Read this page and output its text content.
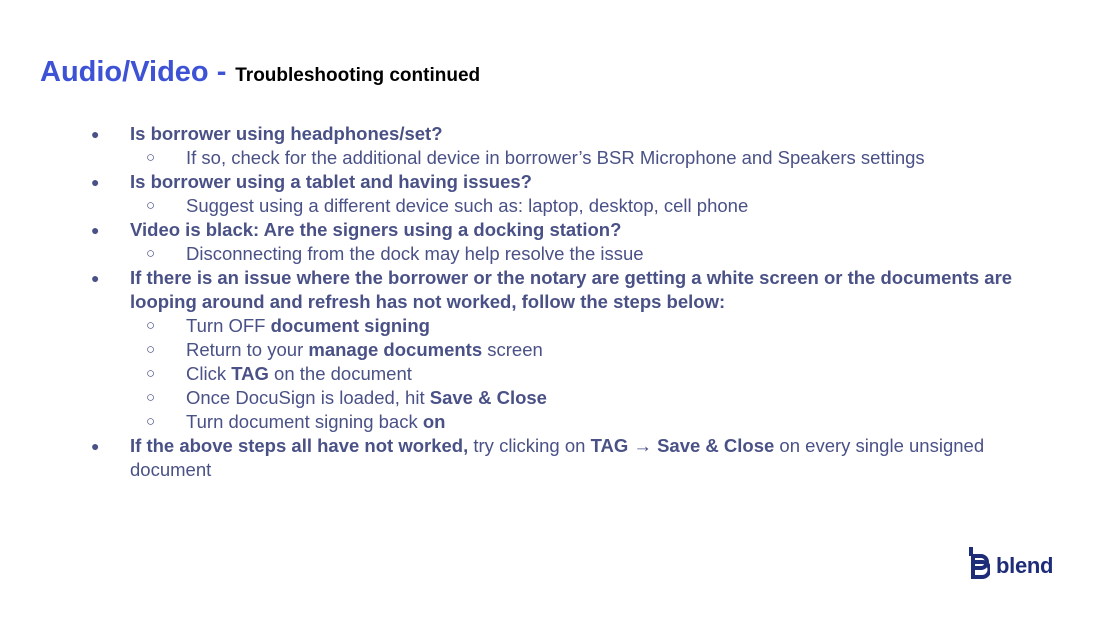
Audio/Video - Troubleshooting continued
● Is borrower using headphones/set?
○ If so, check for the additional device in borrower’s BSR Microphone and Speakers settings
● Is borrower using a tablet and having issues?
○ Suggest using a different device such as: laptop, desktop, cell phone
● Video is black: Are the signers using a docking station?
○ Disconnecting from the dock may help resolve the issue
● If there is an issue where the borrower or the notary are getting a white screen or the documents are looping around and refresh has not worked, follow the steps below:
○ Turn OFF document signing
○ Return to your manage documents screen
○ Click TAG on the document
○ Once DocuSign is loaded, hit Save & Close
○ Turn document signing back on
● If the above steps all have not worked, try clicking on TAG → Save & Close on every single unsigned document
blend
